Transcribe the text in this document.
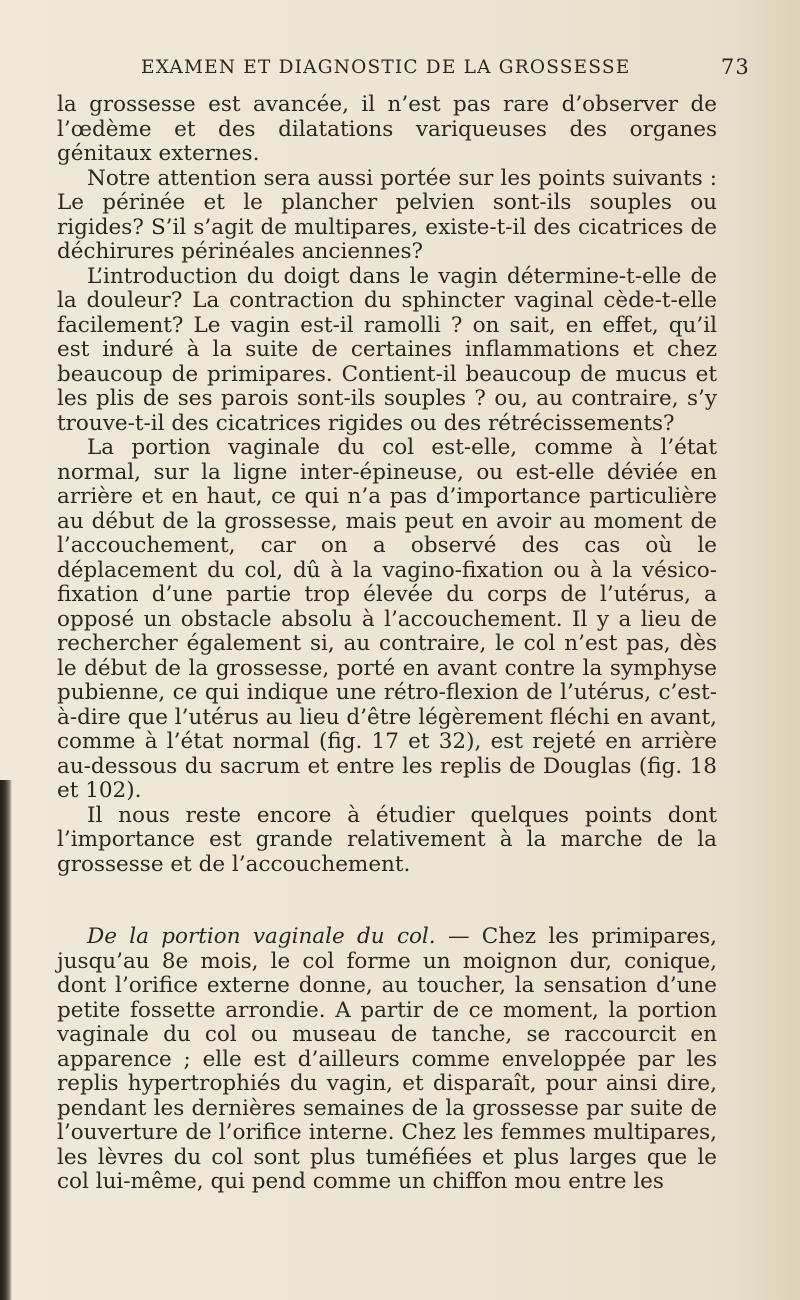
EXAMEN ET DIAGNOSTIC DE LA GROSSESSE	73

la grossesse est avancée, il n’est pas rare d’observer de l’œdème et des dilatations variqueuses des organes génitaux externes.

Notre attention sera aussi portée sur les points suivants : Le périnée et le plancher pelvien sont-ils souples ou rigides? S’il s’agit de multipares, existe-t-il des cicatrices de déchirures périnéales anciennes?

L’introduction du doigt dans le vagin détermine-t-elle de la douleur? La contraction du sphincter vaginal cède-t-elle facilement? Le vagin est-il ramolli ? on sait, en effet, qu’il est induré à la suite de certaines inflammations et chez beaucoup de primipares. Contient-il beaucoup de mucus et les plis de ses parois sont-ils souples ? ou, au contraire, s’y trouve-t-il des cicatrices rigides ou des rétrécissements?

La portion vaginale du col est-elle, comme à l’état normal, sur la ligne inter-épineuse, ou est-elle déviée en arrière et en haut, ce qui n’a pas d’importance particulière au début de la grossesse, mais peut en avoir au moment de l’accouchement, car on a observé des cas où le déplacement du col, dû à la vagino-fixation ou à la vésico-fixation d’une partie trop élevée du corps de l’utérus, a opposé un obstacle absolu à l’accouchement. Il y a lieu de rechercher également si, au contraire, le col n’est pas, dès le début de la grossesse, porté en avant contre la symphyse pubienne, ce qui indique une rétro-flexion de l’utérus, c’est-à-dire que l’utérus au lieu d’être légèrement fléchi en avant, comme à l’état normal (fig. 17 et 32), est rejeté en arrière au-dessous du sacrum et entre les replis de Douglas (fig. 18 et 102).

Il nous reste encore à étudier quelques points dont l’importance est grande relativement à la marche de la grossesse et de l’accouchement.

De la portion vaginale du col. — Chez les primipares, jusqu’au 8e mois, le col forme un moignon dur, conique, dont l’orifice externe donne, au toucher, la sensation d’une petite fossette arrondie. A partir de ce moment, la portion vaginale du col ou museau de tanche, se raccourcit en apparence ; elle est d’ailleurs comme enveloppée par les replis hypertrophiés du vagin, et disparaît, pour ainsi dire, pendant les dernières semaines de la grossesse par suite de l’ouverture de l’orifice interne. Chez les femmes multipares, les lèvres du col sont plus tuméfiées et plus larges que le col lui-même, qui pend comme un chiffon mou entre les
